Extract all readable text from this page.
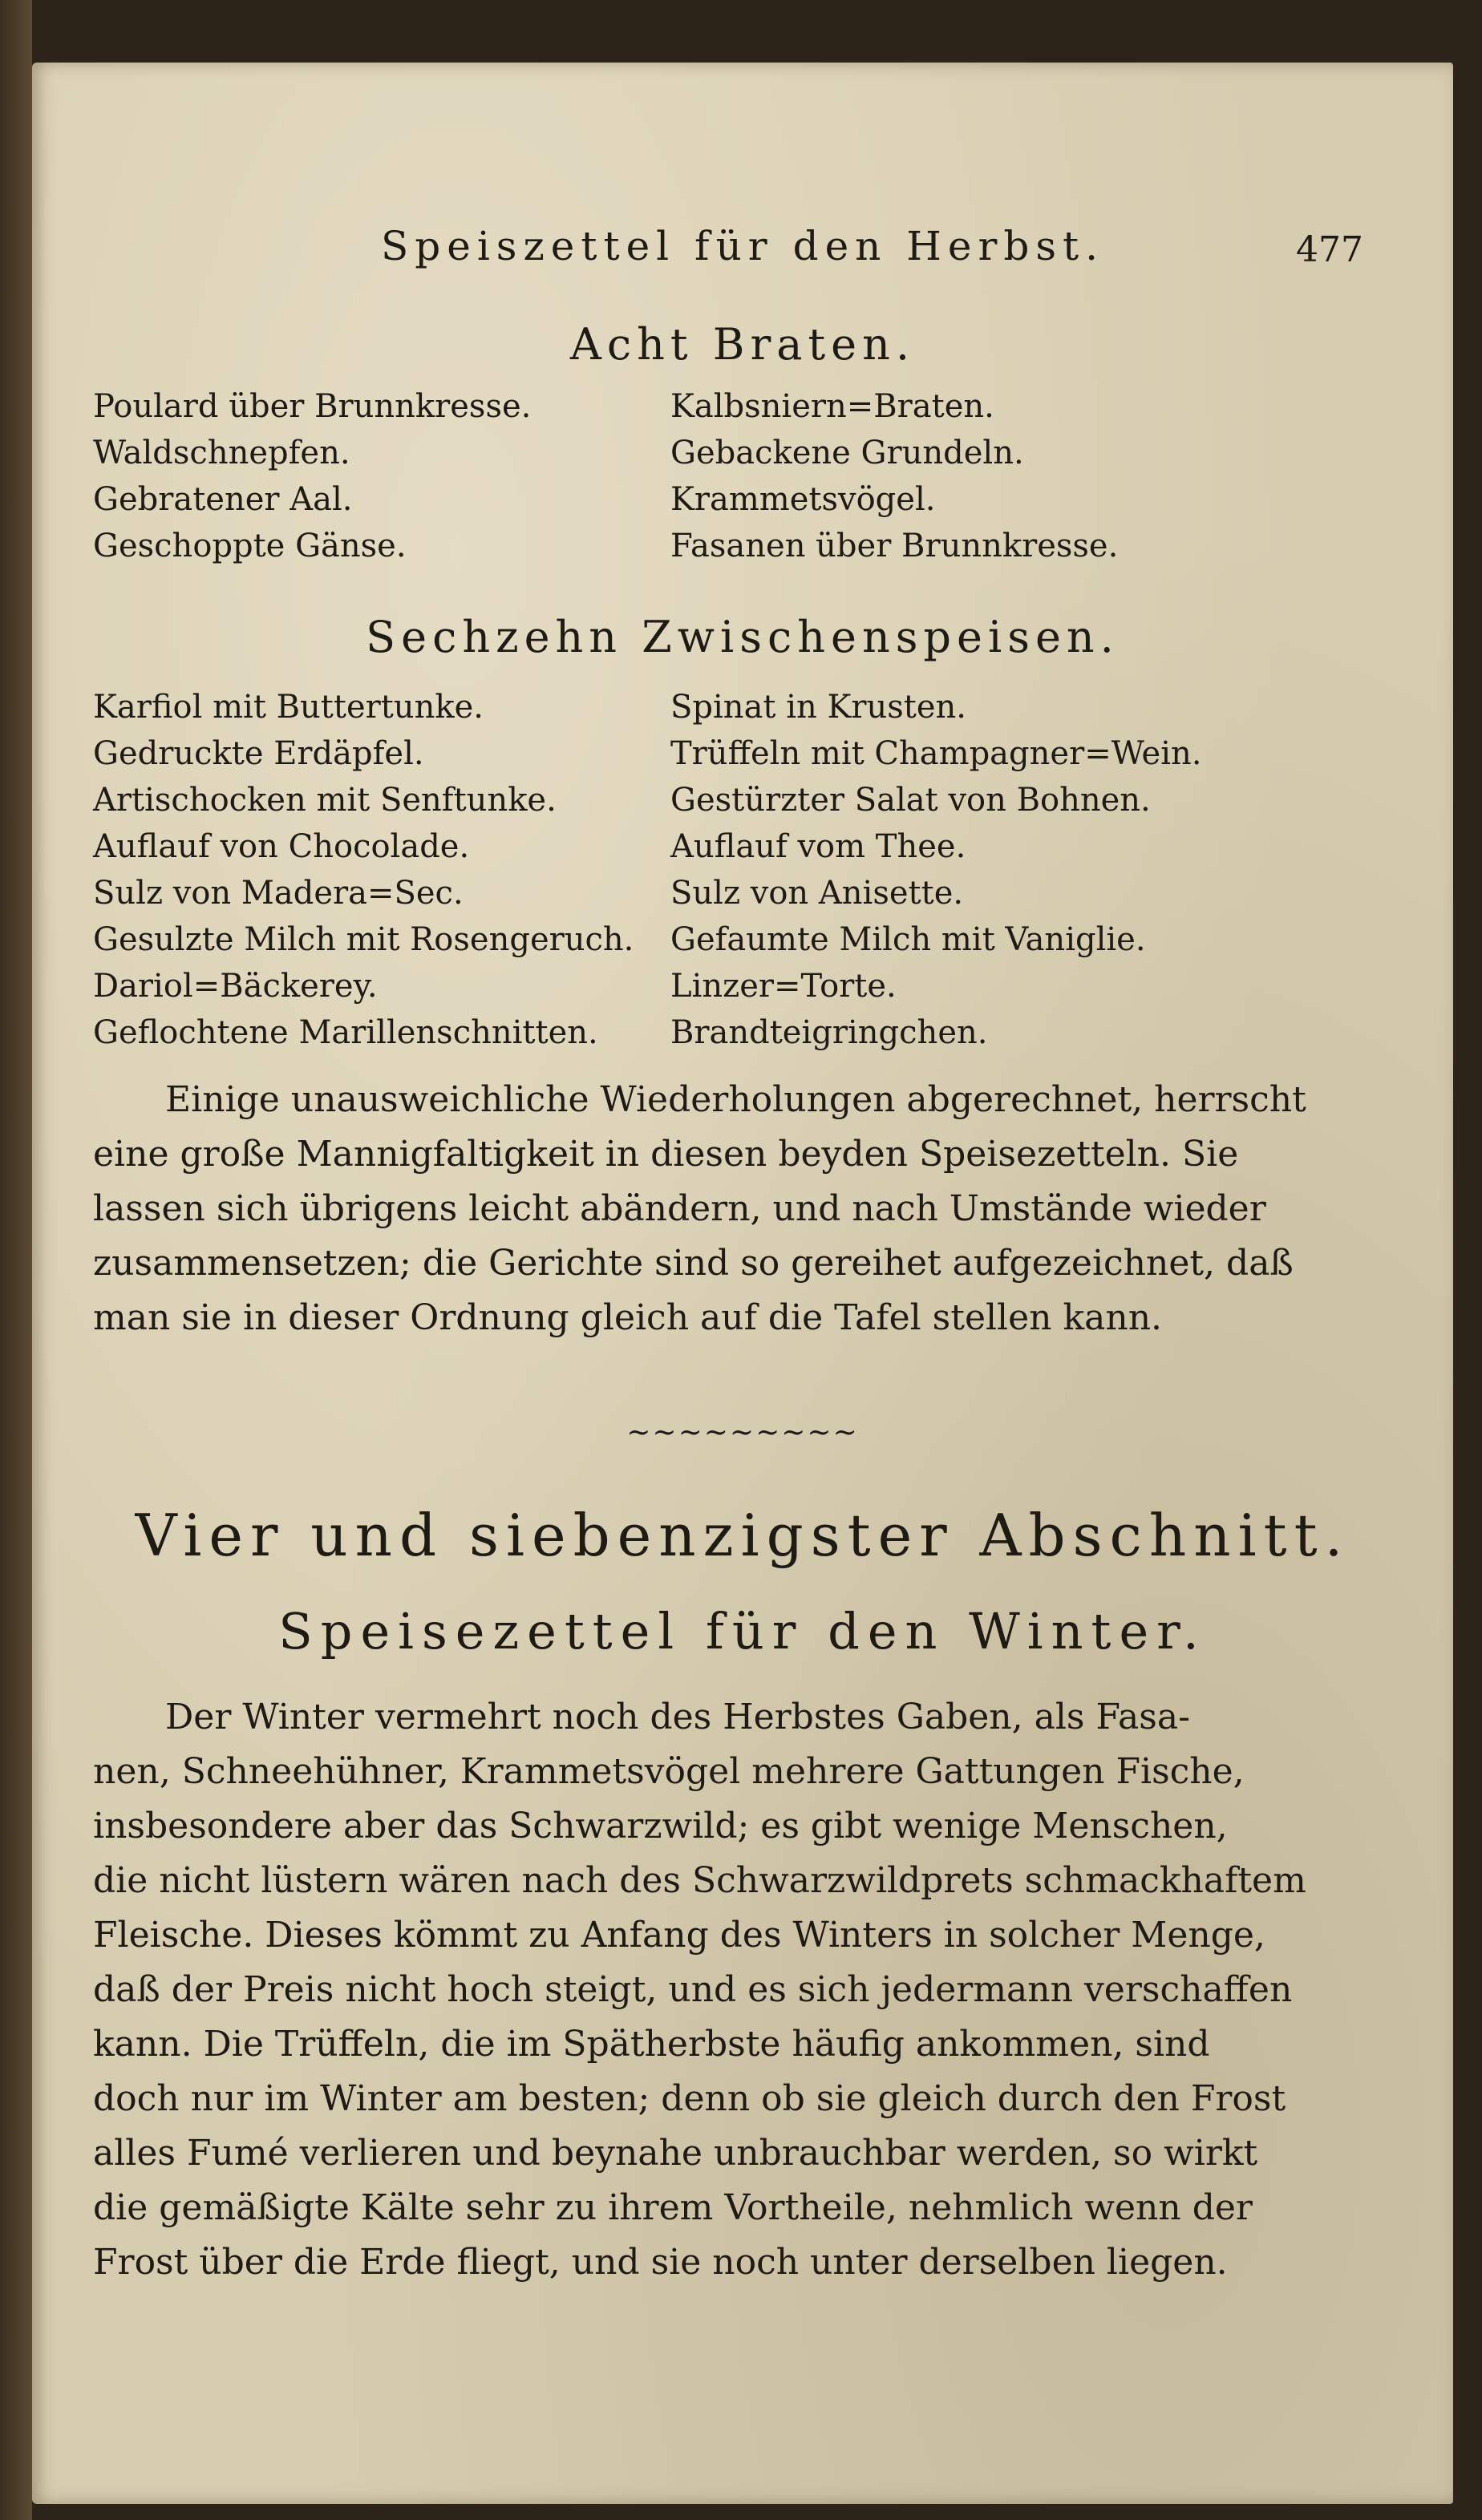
Speiszettel für den Herbst.	477
Acht Braten.
Poulard über Brunnkresse.	Kalbsniern=Braten.
Waldschnepfen.	Gebackene Grundeln.
Gebratener Aal.	Krammetsvögel.
Geschoppte Gänse.	Fasanen über Brunnkresse.
Sechzehn Zwischenspeisen.
Karfiol mit Buttertunke.	Spinat in Krusten.
Gedruckte Erdäpfel.	Trüffeln mit Champagner=Wein.
Artischocken mit Senftunke.	Gestürzter Salat von Bohnen.
Auflauf von Chocolade.	Auflauf vom Thee.
Sulz von Madera=Sec.	Sulz von Anisette.
Gesulzte Milch mit Rosengeruch.	Gefaumte Milch mit Vaniglie.
Dariol=Bäckerey.	Linzer=Torte.
Geflochtene Marillenschnitten.	Brandteigringchen.
Einige unausweichliche Wiederholungen abgerechnet, herrscht
eine große Mannigfaltigkeit in diesen beyden Speisezetteln. Sie
lassen sich übrigens leicht abändern, und nach Umstände wieder
zusammensetzen; die Gerichte sind so gereihet aufgezeichnet, daß
man sie in dieser Ordnung gleich auf die Tafel stellen kann.
~~~~~~~~~
Vier und siebenzigster Abschnitt.
Speisezettel für den Winter.
Der Winter vermehrt noch des Herbstes Gaben, als Fasa-
nen, Schneehühner, Krammetsvögel mehrere Gattungen Fische,
insbesondere aber das Schwarzwild; es gibt wenige Menschen,
die nicht lüstern wären nach des Schwarzwildprets schmackhaftem
Fleische. Dieses kömmt zu Anfang des Winters in solcher Menge,
daß der Preis nicht hoch steigt, und es sich jedermann verschaffen
kann. Die Trüffeln, die im Spätherbste häufig ankommen, sind
doch nur im Winter am besten; denn ob sie gleich durch den Frost
alles Fumé verlieren und beynahe unbrauchbar werden, so wirkt
die gemäßigte Kälte sehr zu ihrem Vortheile, nehmlich wenn der
Frost über die Erde fliegt, und sie noch unter derselben liegen.
